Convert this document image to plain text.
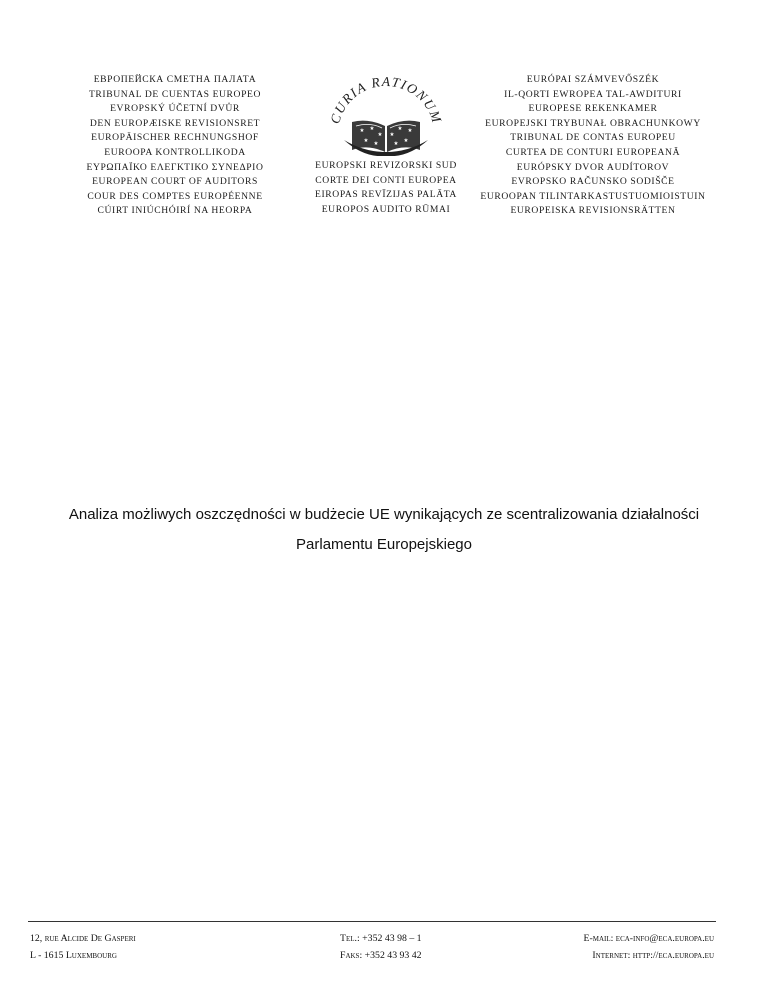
ЕВРОПЕЙСКА СМЕТНА ПАЛАТА
TRIBUNAL DE CUENTAS EUROPEO
EVROPSKÝ ÚČETNÍ DVŮR
DEN EUROPÆISKE REVISIONSRET
EUROPÄISCHER RECHNUNGSHOF
EUROOPA KONTROLLIKODA
ΕΥΡΩΠΑΪΚΟ ΕΛΕΓΚΤΙΚΟ ΣΥΝΕΔΡΙΟ
EUROPEAN COURT OF AUDITORS
COUR DES COMPTES EUROPÉENNE
CÚIRT INIÚCHÓIRÍ NA HEORPA
CURIA RATIONUM
★ ★
★
★ ★
★
★
★
★
★
EUROPSKI REVIZORSKI SUD
CORTE DEI CONTI EUROPEA
EIROPAS REVĪZIJAS PALĀTA
EUROPOS AUDITO RŪMAI
EURÓPAI SZÁMVEVŐSZÉK
IL-QORTI EWROPEA TAL-AWDITURI
EUROPESE REKENKAMER
EUROPEJSKI TRYBUNAŁ OBRACHUNKOWY
TRIBUNAL DE CONTAS EUROPEU
CURTEA DE CONTURI EUROPEANĂ
EURÓPSKY DVOR AUDÍTOROV
EVROPSKO RAČUNSKO SODIŠČE
EUROOPAN TILINTARKASTUSTUOMIOISTUIN
EUROPEISKA REVISIONSRÄTTEN
Analiza możliwych oszczędności w budżecie UE wynikających ze scentralizowania działalności
Parlamentu Europejskiego
12, rue Alcide De Gasperi
L - 1615 Luxembourg
Tel.: +352 43 98 – 1
Faks: +352 43 93 42
E-mail: eca-info@eca.europa.eu
Internet: http://eca.europa.eu
